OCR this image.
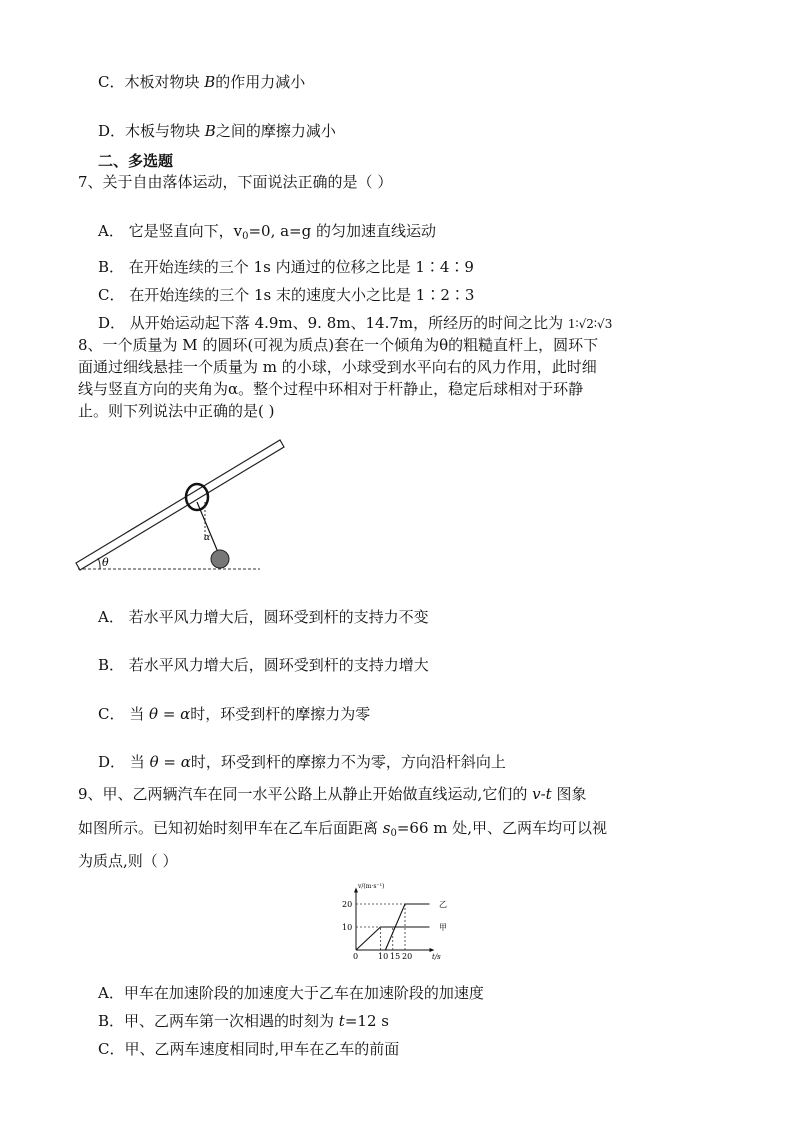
C．木板对物块 B的作用力减小
D．木板与物块 B之间的摩擦力减小
二、多选题
7、关于自由落体运动，下面说法正确的是（ ）
A． 它是竖直向下，$v_0=0$, a=g 的匀加速直线运动
B． 在开始连续的三个 1s 内通过的位移之比是 1∶4∶9
C． 在开始连续的三个 1s 末的速度大小之比是 1∶2∶3
D． 从开始运动起下落 4.9m、9. 8m、14.7m，所经历的时间之比为 1∶√2∶√3
8、一个质量为 M 的圆环(可视为质点)套在一个倾角为θ的粗糙直杆上，圆环下
面通过细线悬挂一个质量为 m 的小球，小球受到水平向右的风力作用，此时细
线与竖直方向的夹角为α。整个过程中环相对于杆静止，稳定后球相对于环静
止。则下列说法中正确的是( )
θ
α
A． 若水平风力增大后，圆环受到杆的支持力不变
B． 若水平风力增大后，圆环受到杆的支持力增大
C． 当 θ = α时，环受到杆的摩擦力为零
D． 当 θ = α时，环受到杆的摩擦力不为零，方向沿杆斜向上
9、甲、乙两辆汽车在同一水平公路上从静止开始做直线运动,它们的 v-t 图象
如图所示。已知初始时刻甲车在乙车后面距离 $s_0=66$ m 处,甲、乙两车均可以视
为质点,则（ ）
v/(m·s⁻¹)
t/s
0 10 15 20
10
20	乙
甲
A．甲车在加速阶段的加速度大于乙车在加速阶段的加速度
B．甲、乙两车第一次相遇的时刻为 t=12 s
C．甲、乙两车速度相同时,甲车在乙车的前面
